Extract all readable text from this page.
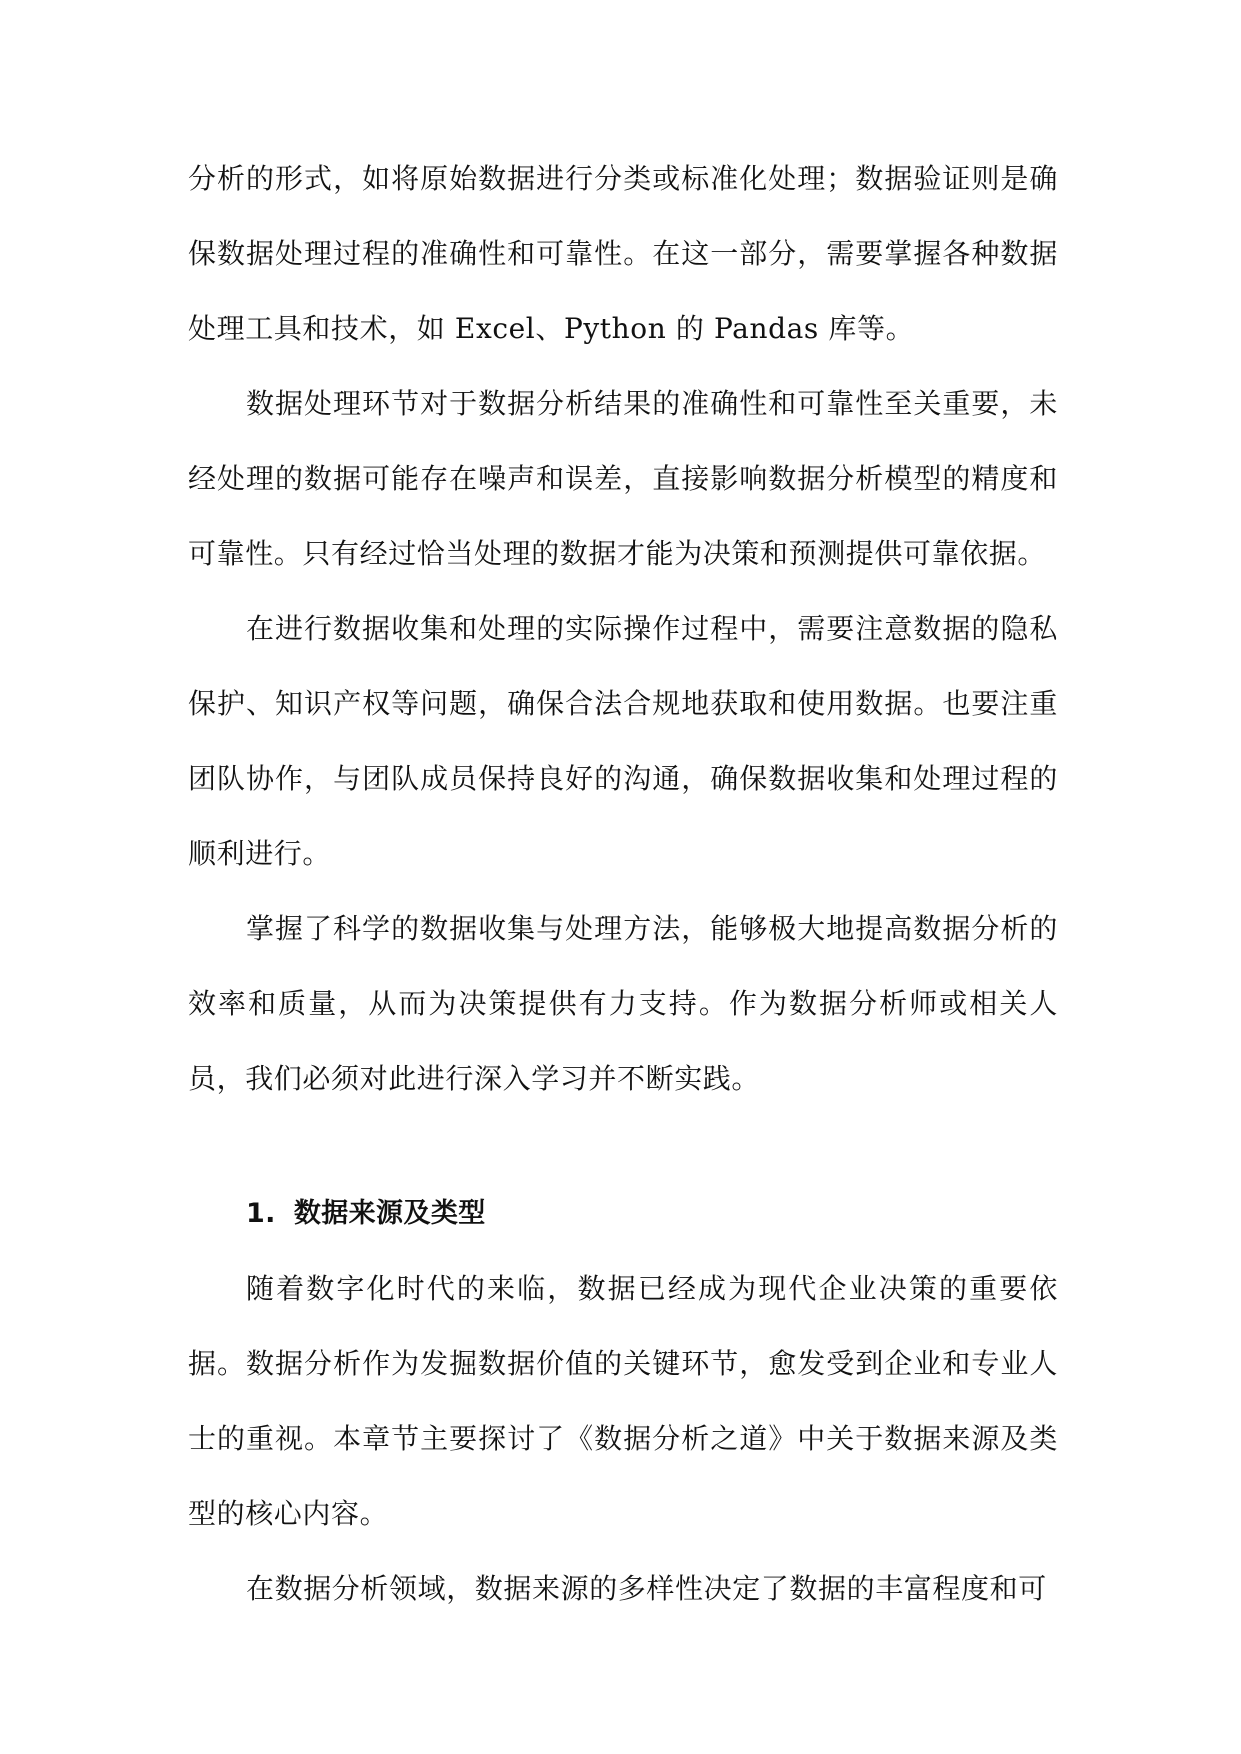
分析的形式，如将原始数据进行分类或标准化处理；数据验证则是确保数据处理过程的准确性和可靠性。在这一部分，需要掌握各种数据处理工具和技术，如 Excel、Python 的 Pandas 库等。

数据处理环节对于数据分析结果的准确性和可靠性至关重要，未经处理的数据可能存在噪声和误差，直接影响数据分析模型的精度和可靠性。只有经过恰当处理的数据才能为决策和预测提供可靠依据。

在进行数据收集和处理的实际操作过程中，需要注意数据的隐私保护、知识产权等问题，确保合法合规地获取和使用数据。也要注重团队协作，与团队成员保持良好的沟通，确保数据收集和处理过程的顺利进行。

掌握了科学的数据收集与处理方法，能够极大地提高数据分析的效率和质量，从而为决策提供有力支持。作为数据分析师或相关人员，我们必须对此进行深入学习并不断实践。

1. 数据来源及类型

随着数字化时代的来临，数据已经成为现代企业决策的重要依据。数据分析作为发掘数据价值的关键环节，愈发受到企业和专业人士的重视。本章节主要探讨了《数据分析之道》中关于数据来源及类型的核心内容。

在数据分析领域，数据来源的多样性决定了数据的丰富程度和可
